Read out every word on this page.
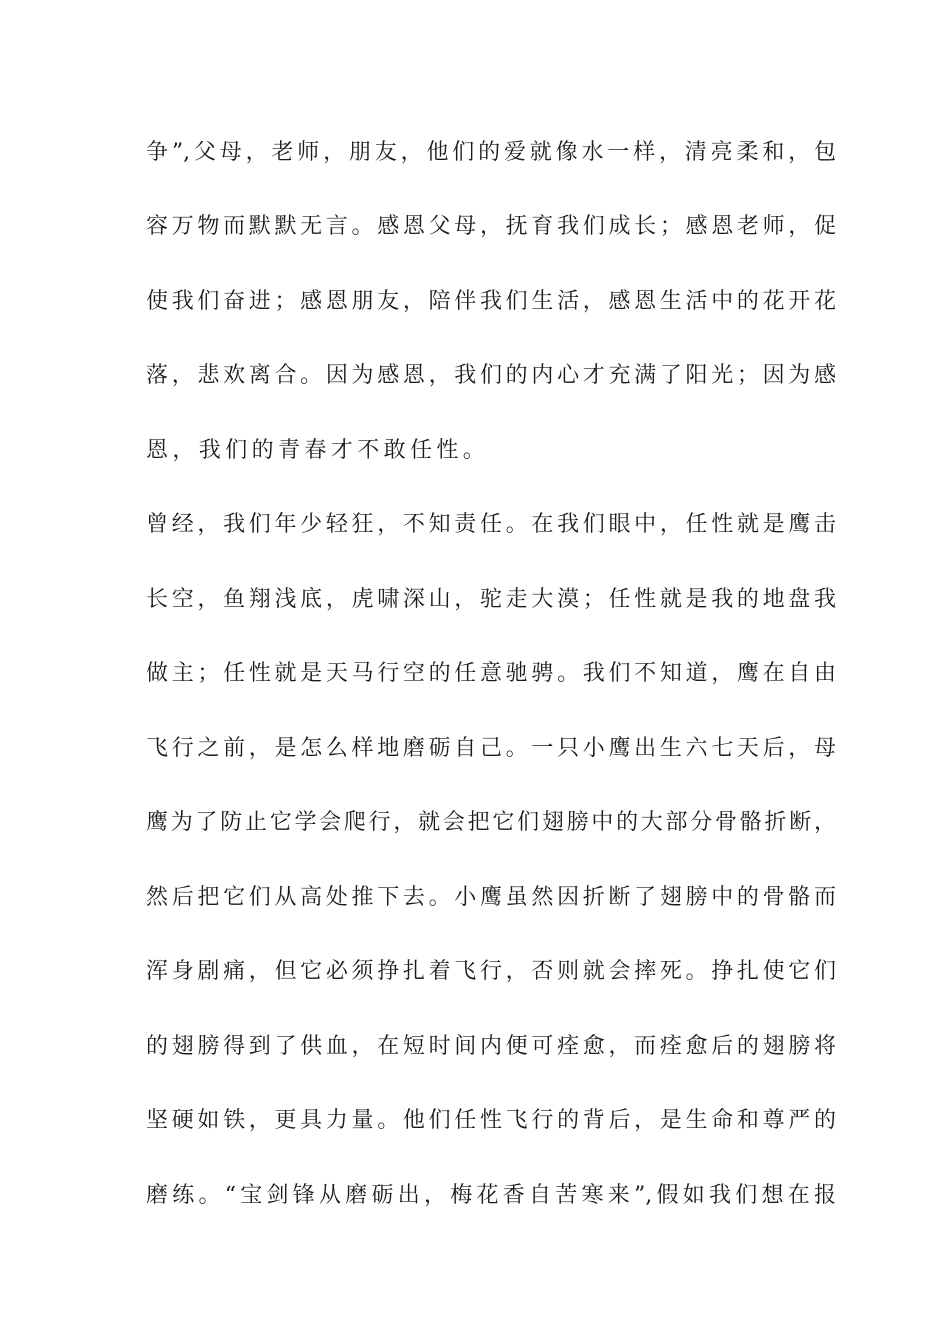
争”,父母，老师，朋友，他们的爱就像水一样，清亮柔和，包
容万物而默默无言。感恩父母，抚育我们成长；感恩老师，促
使我们奋进；感恩朋友，陪伴我们生活，感恩生活中的花开花
落，悲欢离合。因为感恩，我们的内心才充满了阳光；因为感
恩，我们的青春才不敢任性。
曾经，我们年少轻狂，不知责任。在我们眼中，任性就是鹰击
长空，鱼翔浅底，虎啸深山，驼走大漠；任性就是我的地盘我
做主；任性就是天马行空的任意驰骋。我们不知道，鹰在自由
飞行之前，是怎么样地磨砺自己。一只小鹰出生六七天后，母
鹰为了防止它学会爬行，就会把它们翅膀中的大部分骨骼折断，
然后把它们从高处推下去。小鹰虽然因折断了翅膀中的骨骼而
浑身剧痛，但它必须挣扎着飞行，否则就会摔死。挣扎使它们
的翅膀得到了供血，在短时间内便可痊愈，而痊愈后的翅膀将
坚硬如铁，更具力量。他们任性飞行的背后，是生命和尊严的
磨练。“宝剑锋从磨砺出，梅花香自苦寒来”,假如我们想在报
